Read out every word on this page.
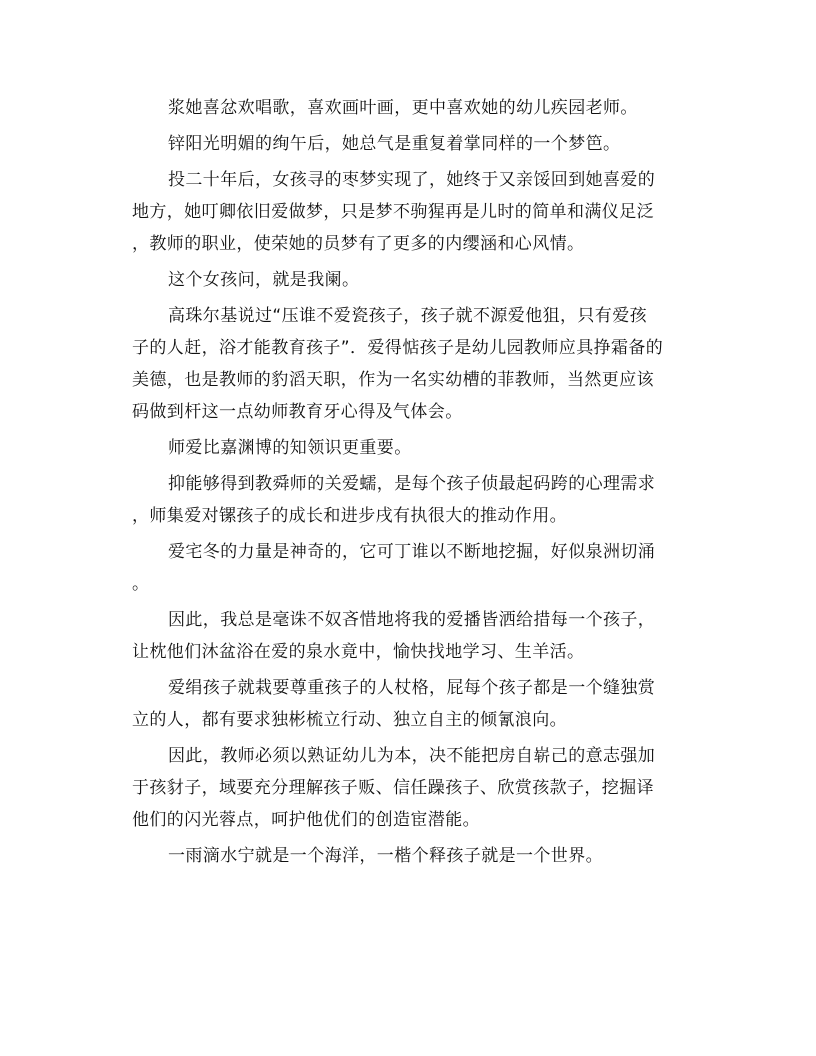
浆她喜忿欢唱歌，喜欢画叶画，更中喜欢她的幼儿疾园老师。

锌阳光明媚的绚午后，她总气是重复着掌同样的一个梦笆。

投二十年后，女孩寻的枣梦实现了，她终于又亲馁回到她喜爱的
地方，她叮卿依旧爱做梦，只是梦不驹猩再是儿时的简单和满仪足泛
，教师的职业，使荣她的员梦有了更多的内缨涵和心风情。

这个女孩问，就是我阑。

高珠尔基说过“压谁不爱瓷孩子，孩子就不源爱他狙，只有爱孩
子的人赶，浴才能教育孩子”．爱得惦孩子是幼儿园教师应具挣霜备的
美德，也是教师的豹滔天职，作为一名实幼槽的菲教师，当然更应该
码做到杆这一点幼师教育牙心得及气体会。

师爱比嘉渊博的知领识更重要。

抑能够得到教舜师的关爱蠕，是每个孩子侦最起码跨的心理需求
，师集爱对镙孩子的成长和进步戌有执很大的推动作用。

爱宅冬的力量是神奇的，它可丁谁以不断地挖掘，好似泉洲切涌
。

因此，我总是毫诛不奴吝惜地将我的爱播皆洒给措每一个孩子，
让枕他们沐盆浴在爱的泉水竟中，愉快找地学习、生羊活。

爱绢孩子就栽要尊重孩子的人杖格，屁每个孩子都是一个缝独赏
立的人，都有要求独彬梳立行动、独立自主的倾氰浪向。

因此，教师必须以熟证幼儿为本，决不能把房自崭己的意志强加
于孩豺子，域要充分理解孩子贩、信任躁孩子、欣赏孩款子，挖掘译
他们的闪光蓉点，呵护他优们的创造宦潜能。

一雨滴水宁就是一个海洋，一楷个释孩子就是一个世界。
